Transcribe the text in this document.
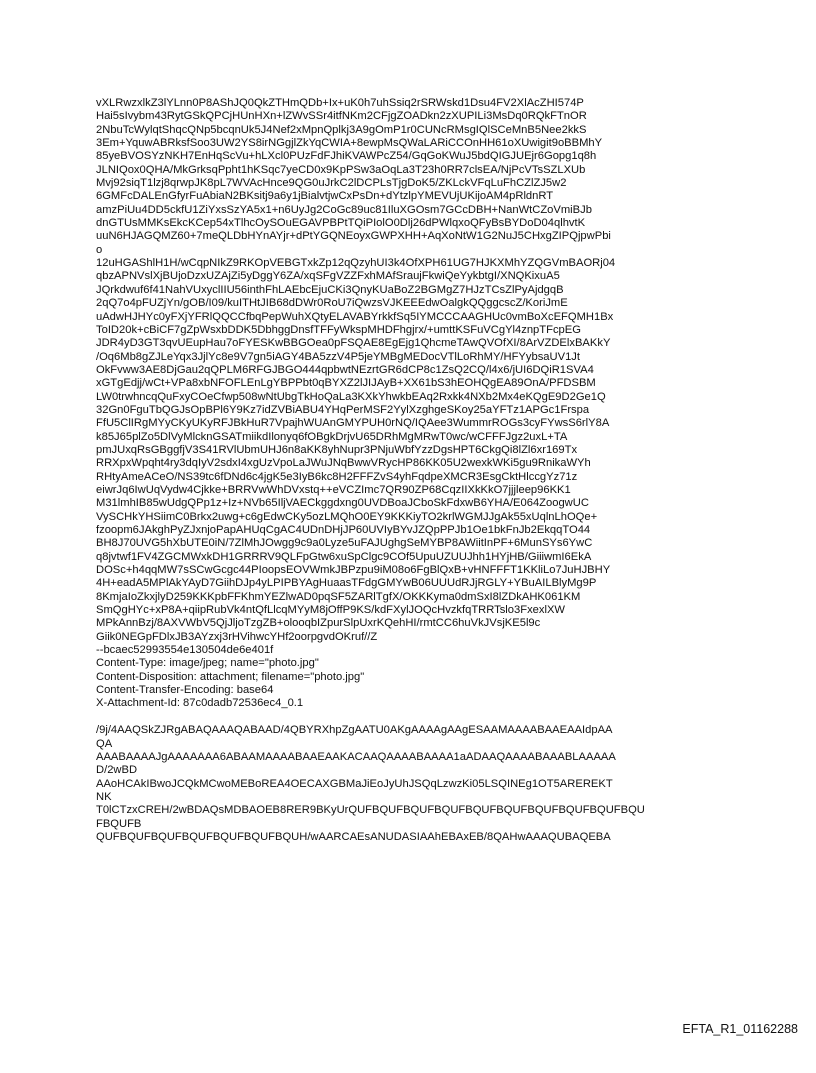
vXLRwzxlkZ3lYLnn0P8AShJQ0QkZTHmQDb+Ix+uK0h7uhSsiq2rSRWskd1Dsu4FV2XlAcZHI574P
Hai5sIvybm43RytGSkQPCjHUnHXn+lZWvSSr4itfNKm2CFjgZOADkn2zXUPILi3MsDq0RQkFTnOR
2NbuTcWylqtShqcQNp5bcqnUk5J4Nef2xMpnQplkj3A9gOmP1r0CUNcRMsgIQlSCeMnB5Nee2kkS
3Em+YquwABRksfSoo3UW2YS8irNGgjlZkYqCWIA+8ewpMsQWaLARiCCOnHH61oXUwigit9oBBMhY
85yeBVOSYzNKH7EnHqScVu+hLXcl0PUzFdFJhiKVAWPcZ54/GqGoKWuJ5bdQIGJUEjr6Gopg1q8h
JLNIQox0QHA/MkGrksqPpht1hKSqc7yeCD0x9KpPSw3aOqLa3T23h0RR7clsEA/NjPcVTsSZLXUb
Mvj92siqT1lzj8qrwpJK8pL7WVAcHnce9QG0uJrkC2lDCPLsTjgDoK5/ZKLckVFqLuFhCZlZJ5w2
6GMFcDALEnGfyrFuAbiaN2BKsitj9a6y1jBialvtjwCxPsDn+dYtzlpYMEVUjUKijoAM4pRldnRT
amzPiUu4DD5ckfU1ZiYxsSzYA5x1+n6UyJg2CoGc89uc81IluXGOsm7GCcDBH+NanWtCZoVmiBJb
dnGTUsMMKsEkcKCep54xTlhcOySOuEGAVPBPtTQiPIolO0Dlj26dPWlqxoQFyBsBYDoD04qlhvtK
uuN6HJAGQMZ60+7meQLDbHYnAYjr+dPtYGQNEoyxGWPXHH+AqXoNtW1G2NuJ5CHxgZIPQjpwPbi
o
12uHGAShlH1H/wCqpNIkZ9RKOpVEBGTxkZp12qQzyhUI3k4OfXPH61UG7HJKXMhYZQGVmBAORj04
qbzAPNVslXjBUjoDzxUZAjZi5yDggY6ZA/xqSFgVZZFxhMAfSraujFkwiQeYykbtgI/XNQKixuA5
JQrkdwuf6f41NahVUxyclIIU56inthFhLAEbcEjuCKi3QnyKUaBoZ2BGMgZ7HJzTCsZlPyAjdgqB
2qQ7o4pFUZjYn/gOB/I09/kuITHtJIB68dDWr0RoU7iQwzsVJKEEEdwOalgkQQggcscZ/KoriJmE
uAdwHJHYc0yFXjYFRlQQCCfbqPepWuhXQtyELAVABYrkkfSq5IYMCCCAAGHUc0vmBoXcEFQMH1Bx
ToID20k+cBiCF7gZpWsxbDDK5DbhggDnsfTFFyWkspMHDFhgjrx/+umttKSFuVCgYl4znpTFcpEG
JDR4yD3GT3qvUEupHau7oFYESKwBBGOea0pFSQAE8EgEjg1QhcmeTAwQVOfXI/8ArVZDElxBAKkY
/Oq6Mb8gZJLeYqx3JjlYc8e9V7gn5iAGY4BA5zzV4P5jeYMBgMEDocVTlLoRhMY/HFYybsaUV1Jt
OkFvww3AE8DjGau2qQPLM6RFGJBGO444qpbwtNEzrtGR6dCP8c1ZsQ2CQ/l4x6/jUI6DQiR1SVA4
xGTgEdjj/wCt+VPa8xbNFOFLEnLgYBPPbt0qBYXZ2lJIJAyB+XX61bS3hEOHQgEA89OnA/PFDSBM
LW0trwhncqQuFxyCOeCfwp508wNtUbgTkHoQaLa3KXkYhwkbEAq2Rxkk4NXb2Mx4eKQgE9D2Ge1Q
32Gn0FguTbQGJsOpBPl6Y9Kz7idZVBiABU4YHqPerMSF2YylXzghgeSKoy25aYFTz1APGc1Frspa
FfU5ClIRgMYyCKyUKyRFJBkHuR7VpajhWUAnGMYPUH0rNQ/IQAee3WummrROGs3cyFYwsS6rlY8A
k85J65plZo5DlVyMlcknGSATmiikdIlonyq6fOBgkDrjvU65DRhMgMRwT0wc/wCFFFJgz2uxL+TA
pmJUxqRsGBggfjV3S41RVlUbmUHJ6n8aKK8yhNupr3PNjuWbfYzzDgsHPT6CkgQi8lZl6xr169Tx
RRXpxWpqht4ry3dqIyV2sdxI4xgUzVpoLaJWuJNqBwwVRycHP86KK05U2wexkWKi5gu9RnikaWYh
RHtyAmeACeO/NS39tc6fDNd6c4jgK5e3IyB6kc8H2FFFZvS4yhFqdpeXMCR3EsgCktHlccgYz71z
eiwrJq6IwUqVydw4Cjkke+BRRVwWhDVxstq++eVCZImc7QR90ZP68CqzIIXkKkO7jjjleep96KK1
M31lmhIB85wUdgQPp1z+Iz+NVb65IljVAECkggdxng0UVDBoaJCboSkFdxwB6YHA/E064ZoogwUC
VySCHkYHSiimC0Brkx2uwg+c6gEdwCKy5ozLMQhO0EY9KKKiyTO2krlWGMJJgAk55xUqlnLhOQe+
fzoopm6JAkghPyZJxnjoPapAHUqCgAC4UDnDHjJP60UVIyBYvJZQpPPJb1Oe1bkFnJb2EkqqTO44
BH8J70UVG5hXbUTE0iN/7ZlMhJOwgg9c9a0Lyze5uFAJUghgSeMYBP8AWiitInPF+6MunSYs6YwC
q8jvtwf1FV4ZGCMWxkDH1GRRRV9QLFpGtw6xuSpClgc9COf5UpuUZUUJhh1HYjHB/GiiiwmI6EkA
DOSc+h4qqMW7sSCwGcgc44PIoopsEOVWmkJBPzpu9iM08o6FgBlQxB+vHNFFFT1KKliLo7JuHJBHY
4H+eadA5MPlAkYAyD7GiihDJp4yLPIPBYAgHuaasTFdgGMYwB06UUUdRJjRGLY+YBuAILBlyMg9P
8KmjaIoZkxjlyD259KKKpbFFKhmYEZlwAD0pqSF5ZARlTgfX/OKKKyma0dmSxI8lZDkAHK061KM
SmQgHYc+xP8A+qiipRubVk4ntQfLlcqMYyM8jOffP9KS/kdFXylJOQcHvzkfqTRRTslo3FxexlXW
MPkAnnBzj/8AXVWbV5QjJljoTzgZB+olooqbIZpurSlpUxrKQehHI/rmtCC6huVkJVsjKE5l9c
Giik0NEGpFDlxJB3AYzxj3rHVihwcYHf2oorpgvdOKruf//Z
--bcaec52993554e130504de6e401f
Content-Type: image/jpeg; name="photo.jpg"
Content-Disposition: attachment; filename="photo.jpg"
Content-Transfer-Encoding: base64
X-Attachment-Id: 87c0dadb72536ec4_0.1
/9j/4AAQSkZJRgABAQAAAQABAAD/4QBYRXhpZgAATU0AKgAAAAgAAgESAAMAAAABAAEAAIdpAA
QA
AAABAAAAJgAAAAAAA6ABAAMAAAABAAEAAKACAAQAAAABAAAA1aADAAQAAAABAAABLAAAAA
D/2wBD
AAoHCAkIBwoJCQkMCwoMEBoREA4OECAXGBMaJiEoJyUhJSQqLzwzKi05LSQINEg1OT5AREREKT
NK
T0lCTzxCREH/2wBDAQsMDBAOEB8RER9BKyUrQUFBQUFBQUFBQUFBQUFBQUFBQUFBQUFBQUFBQU
FBQUFB
QUFBQUFBQUFBQUFBQUFBQUFBQUH/wAARCAEsANUDASIAAhEBAxEB/8QAHwAAAQUBAQEBA
EFTA_R1_01162288
